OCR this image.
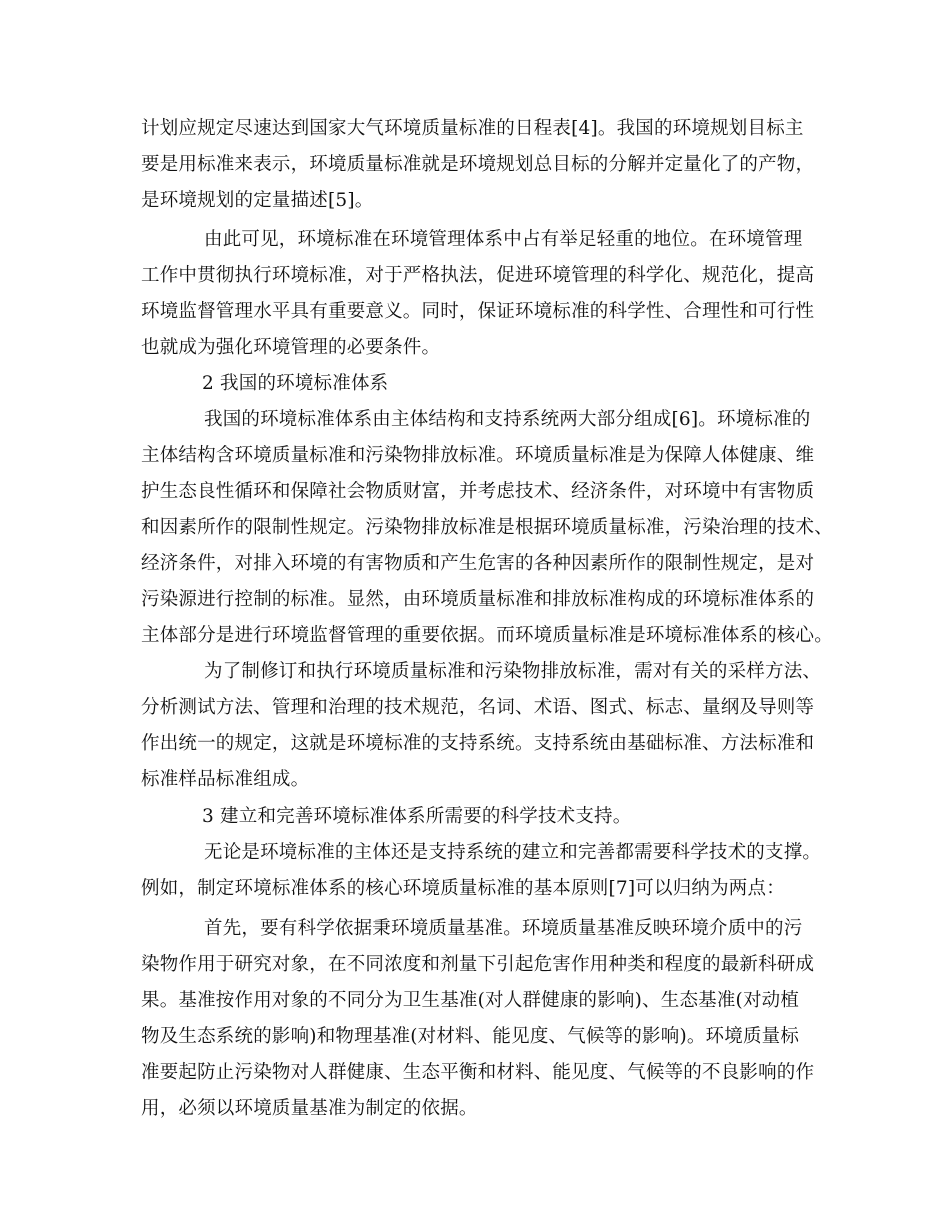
计划应规定尽速达到国家大气环境质量标准的日程表[4]。我国的环境规划目标主
要是用标准来表示，环境质量标准就是环境规划总目标的分解并定量化了的产物，
是环境规划的定量描述[5]。
由此可见，环境标准在环境管理体系中占有举足轻重的地位。在环境管理
工作中贯彻执行环境标准，对于严格执法，促进环境管理的科学化、规范化，提高
环境监督管理水平具有重要意义。同时，保证环境标准的科学性、合理性和可行性
也就成为强化环境管理的必要条件。
2 我国的环境标准体系
我国的环境标准体系由主体结构和支持系统两大部分组成[6]。环境标准的
主体结构含环境质量标准和污染物排放标准。环境质量标准是为保障人体健康、维
护生态良性循环和保障社会物质财富，并考虑技术、经济条件，对环境中有害物质
和因素所作的限制性规定。污染物排放标准是根据环境质量标准，污染治理的技术、
经济条件，对排入环境的有害物质和产生危害的各种因素所作的限制性规定，是对
污染源进行控制的标准。显然，由环境质量标准和排放标准构成的环境标准体系的
主体部分是进行环境监督管理的重要依据。而环境质量标准是环境标准体系的核心。
为了制修订和执行环境质量标准和污染物排放标准，需对有关的采样方法、
分析测试方法、管理和治理的技术规范，名词、术语、图式、标志、量纲及导则等
作出统一的规定，这就是环境标准的支持系统。支持系统由基础标准、方法标准和
标准样品标准组成。
3 建立和完善环境标准体系所需要的科学技术支持。
无论是环境标准的主体还是支持系统的建立和完善都需要科学技术的支撑。
例如，制定环境标准体系的核心环境质量标准的基本原则[7]可以归纳为两点：
首先，要有科学依据秉环境质量基准。环境质量基准反映环境介质中的污
染物作用于研究对象，在不同浓度和剂量下引起危害作用种类和程度的最新科研成
果。基准按作用对象的不同分为卫生基准(对人群健康的影响)、生态基准(对动植
物及生态系统的影响)和物理基准(对材料、能见度、气候等的影响)。环境质量标
准要起防止污染物对人群健康、生态平衡和材料、能见度、气候等的不良影响的作
用，必须以环境质量基准为制定的依据。
